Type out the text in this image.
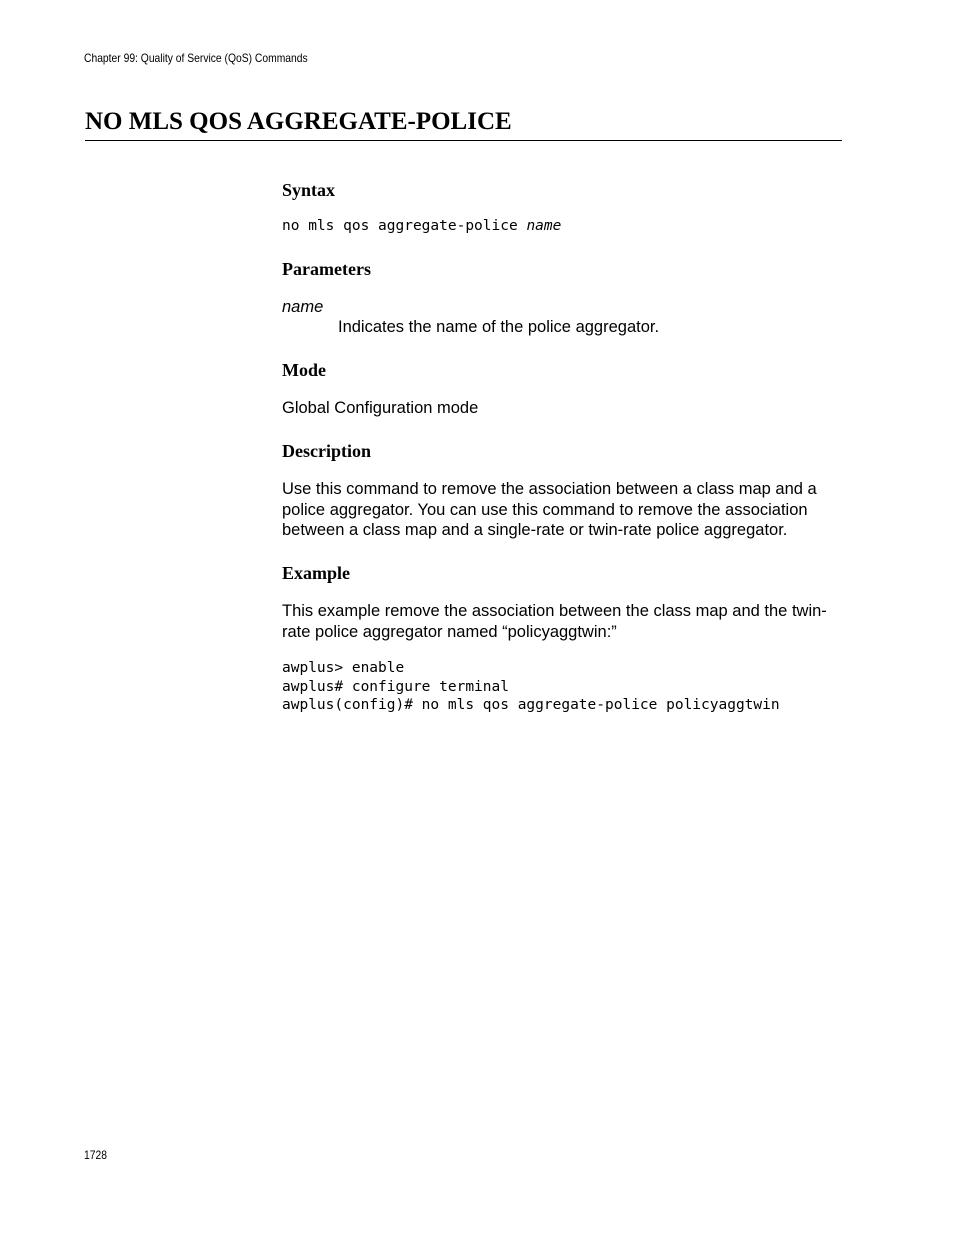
Chapter 99: Quality of Service (QoS) Commands
NO MLS QOS AGGREGATE-POLICE
Syntax
no mls qos aggregate-police name
Parameters
name
Indicates the name of the police aggregator.
Mode

Global Configuration mode

Description

Use this command to remove the association between a class map and a police aggregator. You can use this command to remove the association between a class map and a single-rate or twin-rate police aggregator.

Example

This example remove the association between the class map and the twin-rate police aggregator named “policyaggtwin:”

awplus> enable
awplus# configure terminal
awplus(config)# no mls qos aggregate-police policyaggtwin
1728
